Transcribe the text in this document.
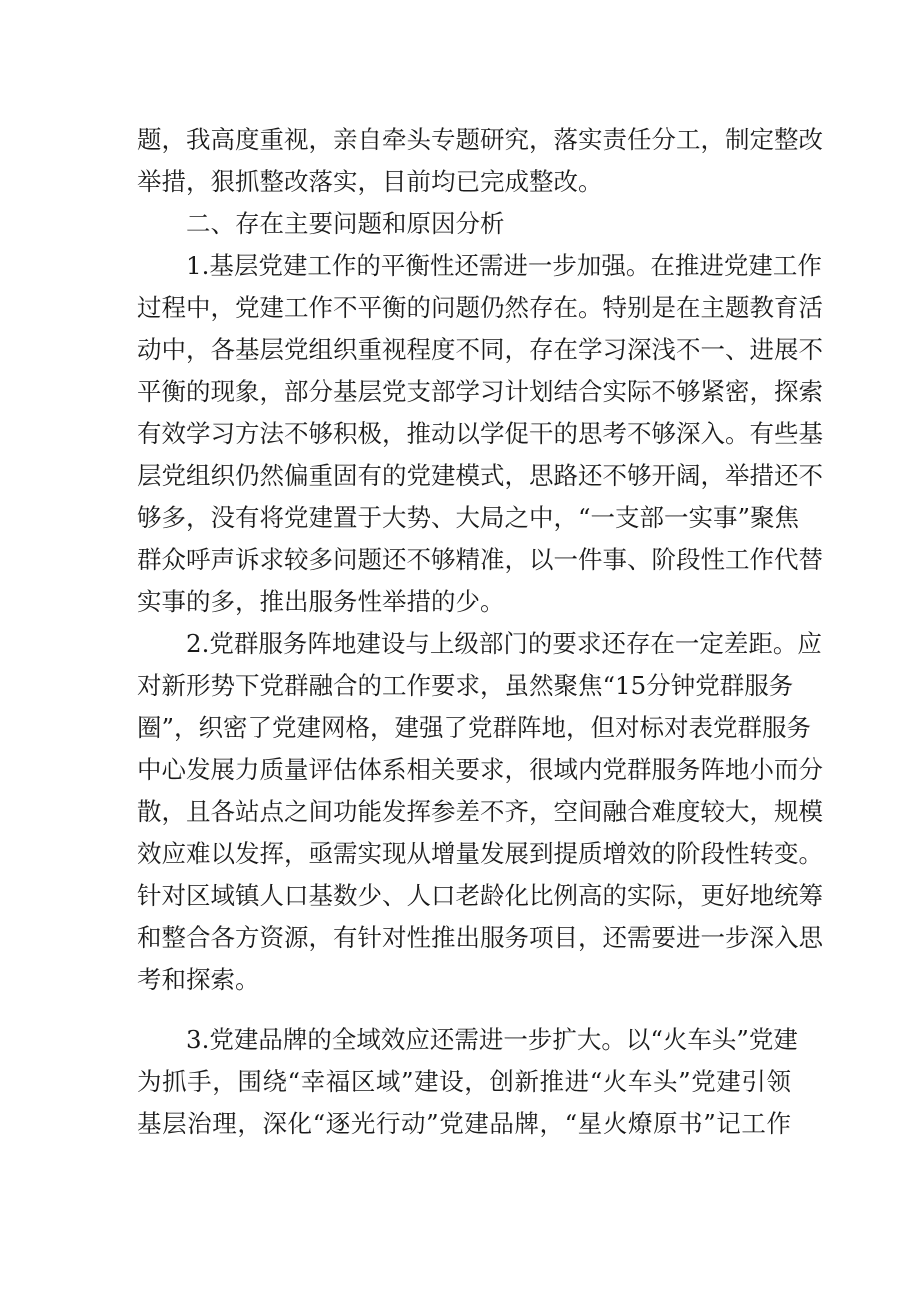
题，我高度重视，亲自牵头专题研究，落实责任分工，制定整改
举措，狠抓整改落实，目前均已完成整改。
二、存在主要问题和原因分析
1.基层党建工作的平衡性还需进一步加强。在推进党建工作
过程中，党建工作不平衡的问题仍然存在。特别是在主题教育活
动中，各基层党组织重视程度不同，存在学习深浅不一、进展不
平衡的现象，部分基层党支部学习计划结合实际不够紧密，探索
有效学习方法不够积极，推动以学促干的思考不够深入。有些基
层党组织仍然偏重固有的党建模式，思路还不够开阔，举措还不
够多，没有将党建置于大势、大局之中，“一支部一实事”聚焦
群众呼声诉求较多问题还不够精准，以一件事、阶段性工作代替
实事的多，推出服务性举措的少。
2.党群服务阵地建设与上级部门的要求还存在一定差距。应
对新形势下党群融合的工作要求，虽然聚焦“15分钟党群服务
圈”，织密了党建网格，建强了党群阵地，但对标对表党群服务
中心发展力质量评估体系相关要求，很域内党群服务阵地小而分
散，且各站点之间功能发挥参差不齐，空间融合难度较大，规模
效应难以发挥，亟需实现从增量发展到提质增效的阶段性转变。
针对区域镇人口基数少、人口老龄化比例高的实际，更好地统筹
和整合各方资源，有针对性推出服务项目，还需要进一步深入思
考和探索。
3.党建品牌的全域效应还需进一步扩大。以“火车头”党建
为抓手，围绕“幸福区域”建设，创新推进“火车头”党建引领
基层治理，深化“逐光行动”党建品牌，“星火燎原书”记工作
